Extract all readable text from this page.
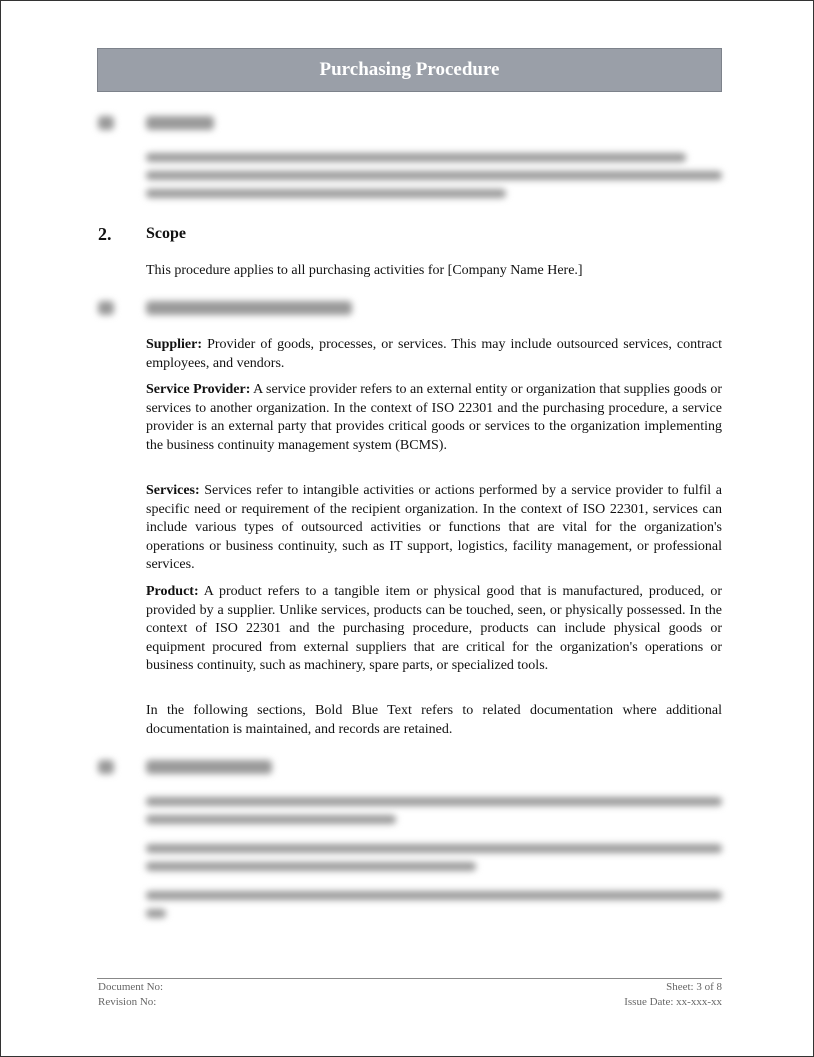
Purchasing Procedure
2. Scope
This procedure applies to all purchasing activities for [Company Name Here.]
Supplier: Provider of goods, processes, or services. This may include outsourced services, contract employees, and vendors.
Service Provider: A service provider refers to an external entity or organization that supplies goods or services to another organization. In the context of ISO 22301 and the purchasing procedure, a service provider is an external party that provides critical goods or services to the organization implementing the business continuity management system (BCMS).
Services: Services refer to intangible activities or actions performed by a service provider to fulfil a specific need or requirement of the recipient organization. In the context of ISO 22301, services can include various types of outsourced activities or functions that are vital for the organization's operations or business continuity, such as IT support, logistics, facility management, or professional services.
Product: A product refers to a tangible item or physical good that is manufactured, produced, or provided by a supplier. Unlike services, products can be touched, seen, or physically possessed. In the context of ISO 22301 and the purchasing procedure, products can include physical goods or equipment procured from external suppliers that are critical for the organization's operations or business continuity, such as machinery, spare parts, or specialized tools.
In the following sections, Bold Blue Text refers to related documentation where additional documentation is maintained, and records are retained.
Document No:
Revision No:
Sheet: 3 of 8
Issue Date: xx-xxx-xx
